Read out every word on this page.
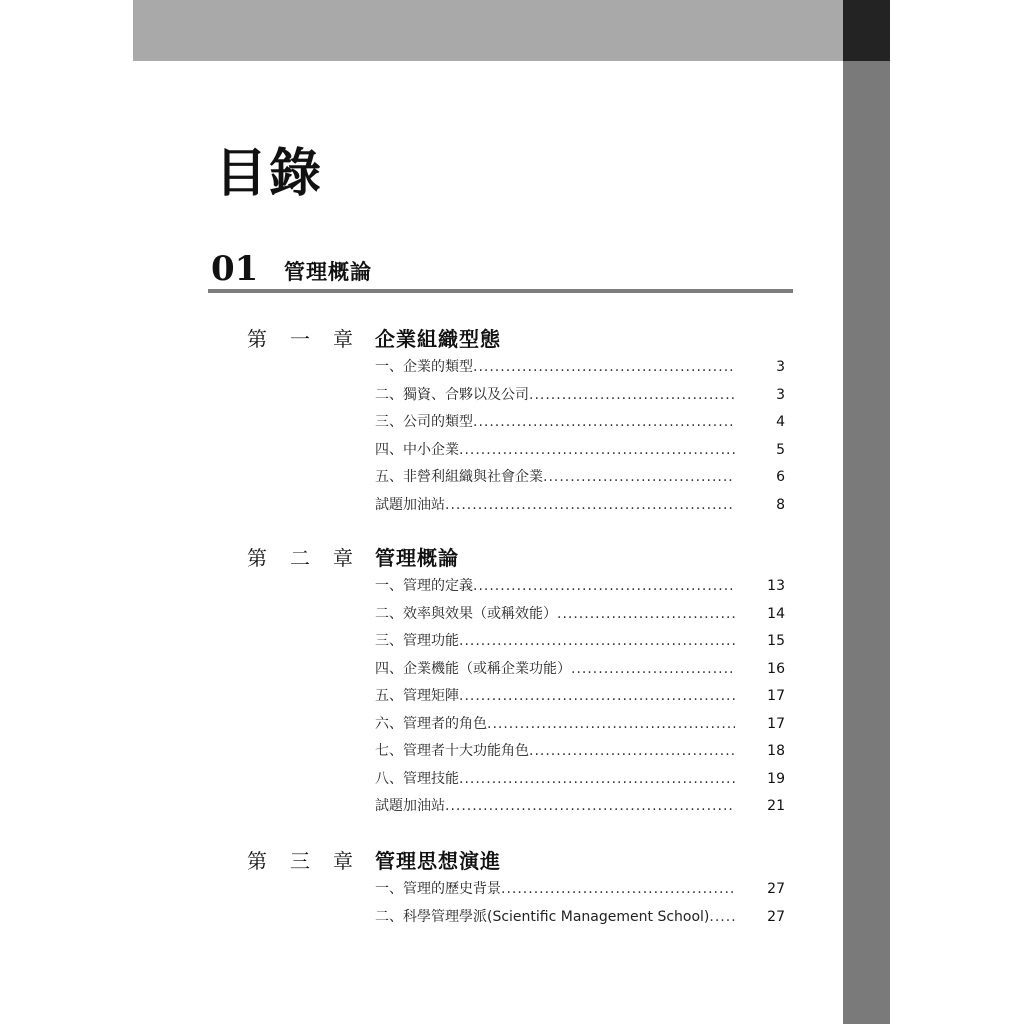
目錄
01 管理概論
第 一 章 企業組織型態
一、企業的類型 .....	3
二、獨資、合夥以及公司 .....	3
三、公司的類型 .....	4
四、中小企業 .....	5
五、非營利組織與社會企業 .....	6
試題加油站 .....	8
第 二 章 管理概論
一、管理的定義 .....	13
二、效率與效果（或稱效能） .....	14
三、管理功能 .....	15
四、企業機能（或稱企業功能） .....	16
五、管理矩陣 .....	17
六、管理者的角色 .....	17
七、管理者十大功能角色 .....	18
八、管理技能 .....	19
試題加油站 .....	21
第 三 章 管理思想演進
一、管理的歷史背景 .....	27
二、科學管理學派(Scientific Management School) .....	27
